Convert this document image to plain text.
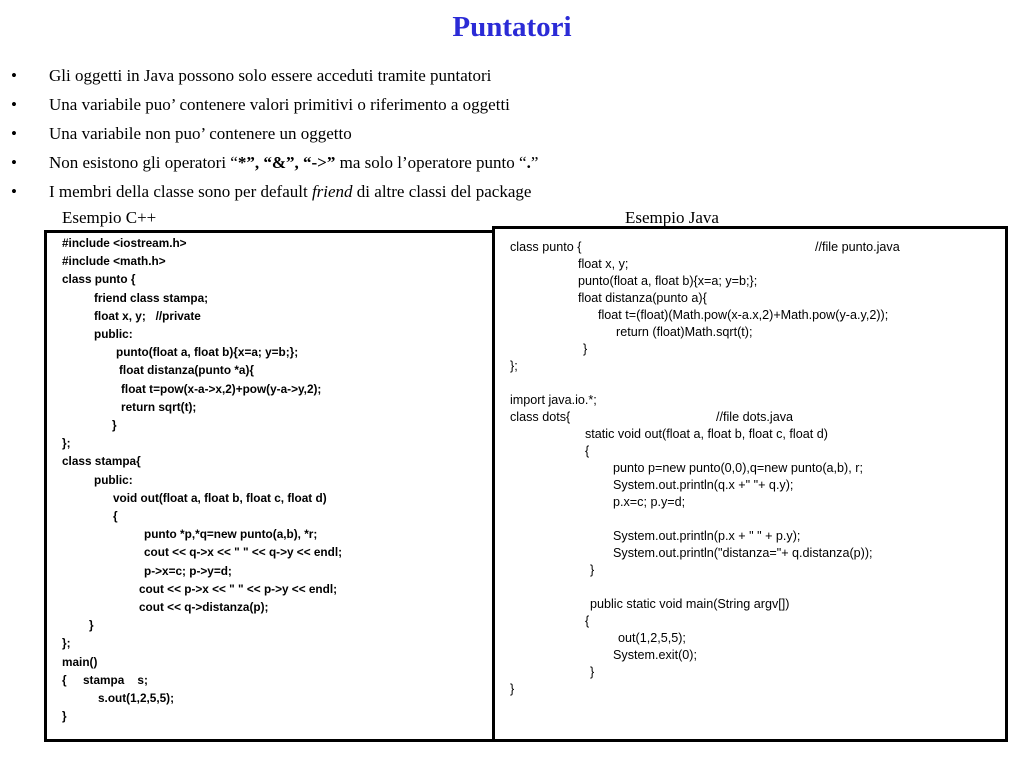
Puntatori
• Gli oggetti in Java possono solo essere acceduti tramite puntatori
• Una variabile puo’ contenere valori primitivi o riferimento a oggetti
• Una variabile non puo’ contenere un oggetto
• Non esistono gli operatori “*”, “&”, “->” ma solo l’operatore punto “.”
• I membri della classe sono per default friend di altre classi del package
Esempio C++	Esempio Java
#include <iostream.h>
#include <math.h>
class punto {
friend class stampa;
float x, y;   //private
public:
punto(float a, float b){x=a; y=b;};
float distanza(punto *a){
float t=pow(x-a->x,2)+pow(y-a->y,2);
return sqrt(t);
}
};
class stampa{
public:
void out(float a, float b, float c, float d)
{
punto *p,*q=new punto(a,b), *r;
cout << q->x << " " << q->y << endl;
p->x=c; p->y=d;
cout << p->x << " " << p->y << endl;
cout << q->distanza(p);
}
};
main()
{     stampa    s;
s.out(1,2,5,5);
}
class punto {	//file punto.java
float x, y;
punto(float a, float b){x=a; y=b;};
float distanza(punto a){
float t=(float)(Math.pow(x-a.x,2)+Math.pow(y-a.y,2));
return (float)Math.sqrt(t);
}
};
import java.io.*;
class dots{	//file dots.java
static void out(float a, float b, float c, float d)
{
punto p=new punto(0,0),q=new punto(a,b), r;
System.out.println(q.x +" "+ q.y);
p.x=c; p.y=d;
System.out.println(p.x + " " + p.y);
System.out.println("distanza="+ q.distanza(p));
}
public static void main(String argv[])
{
out(1,2,5,5);
System.exit(0);
}
}
